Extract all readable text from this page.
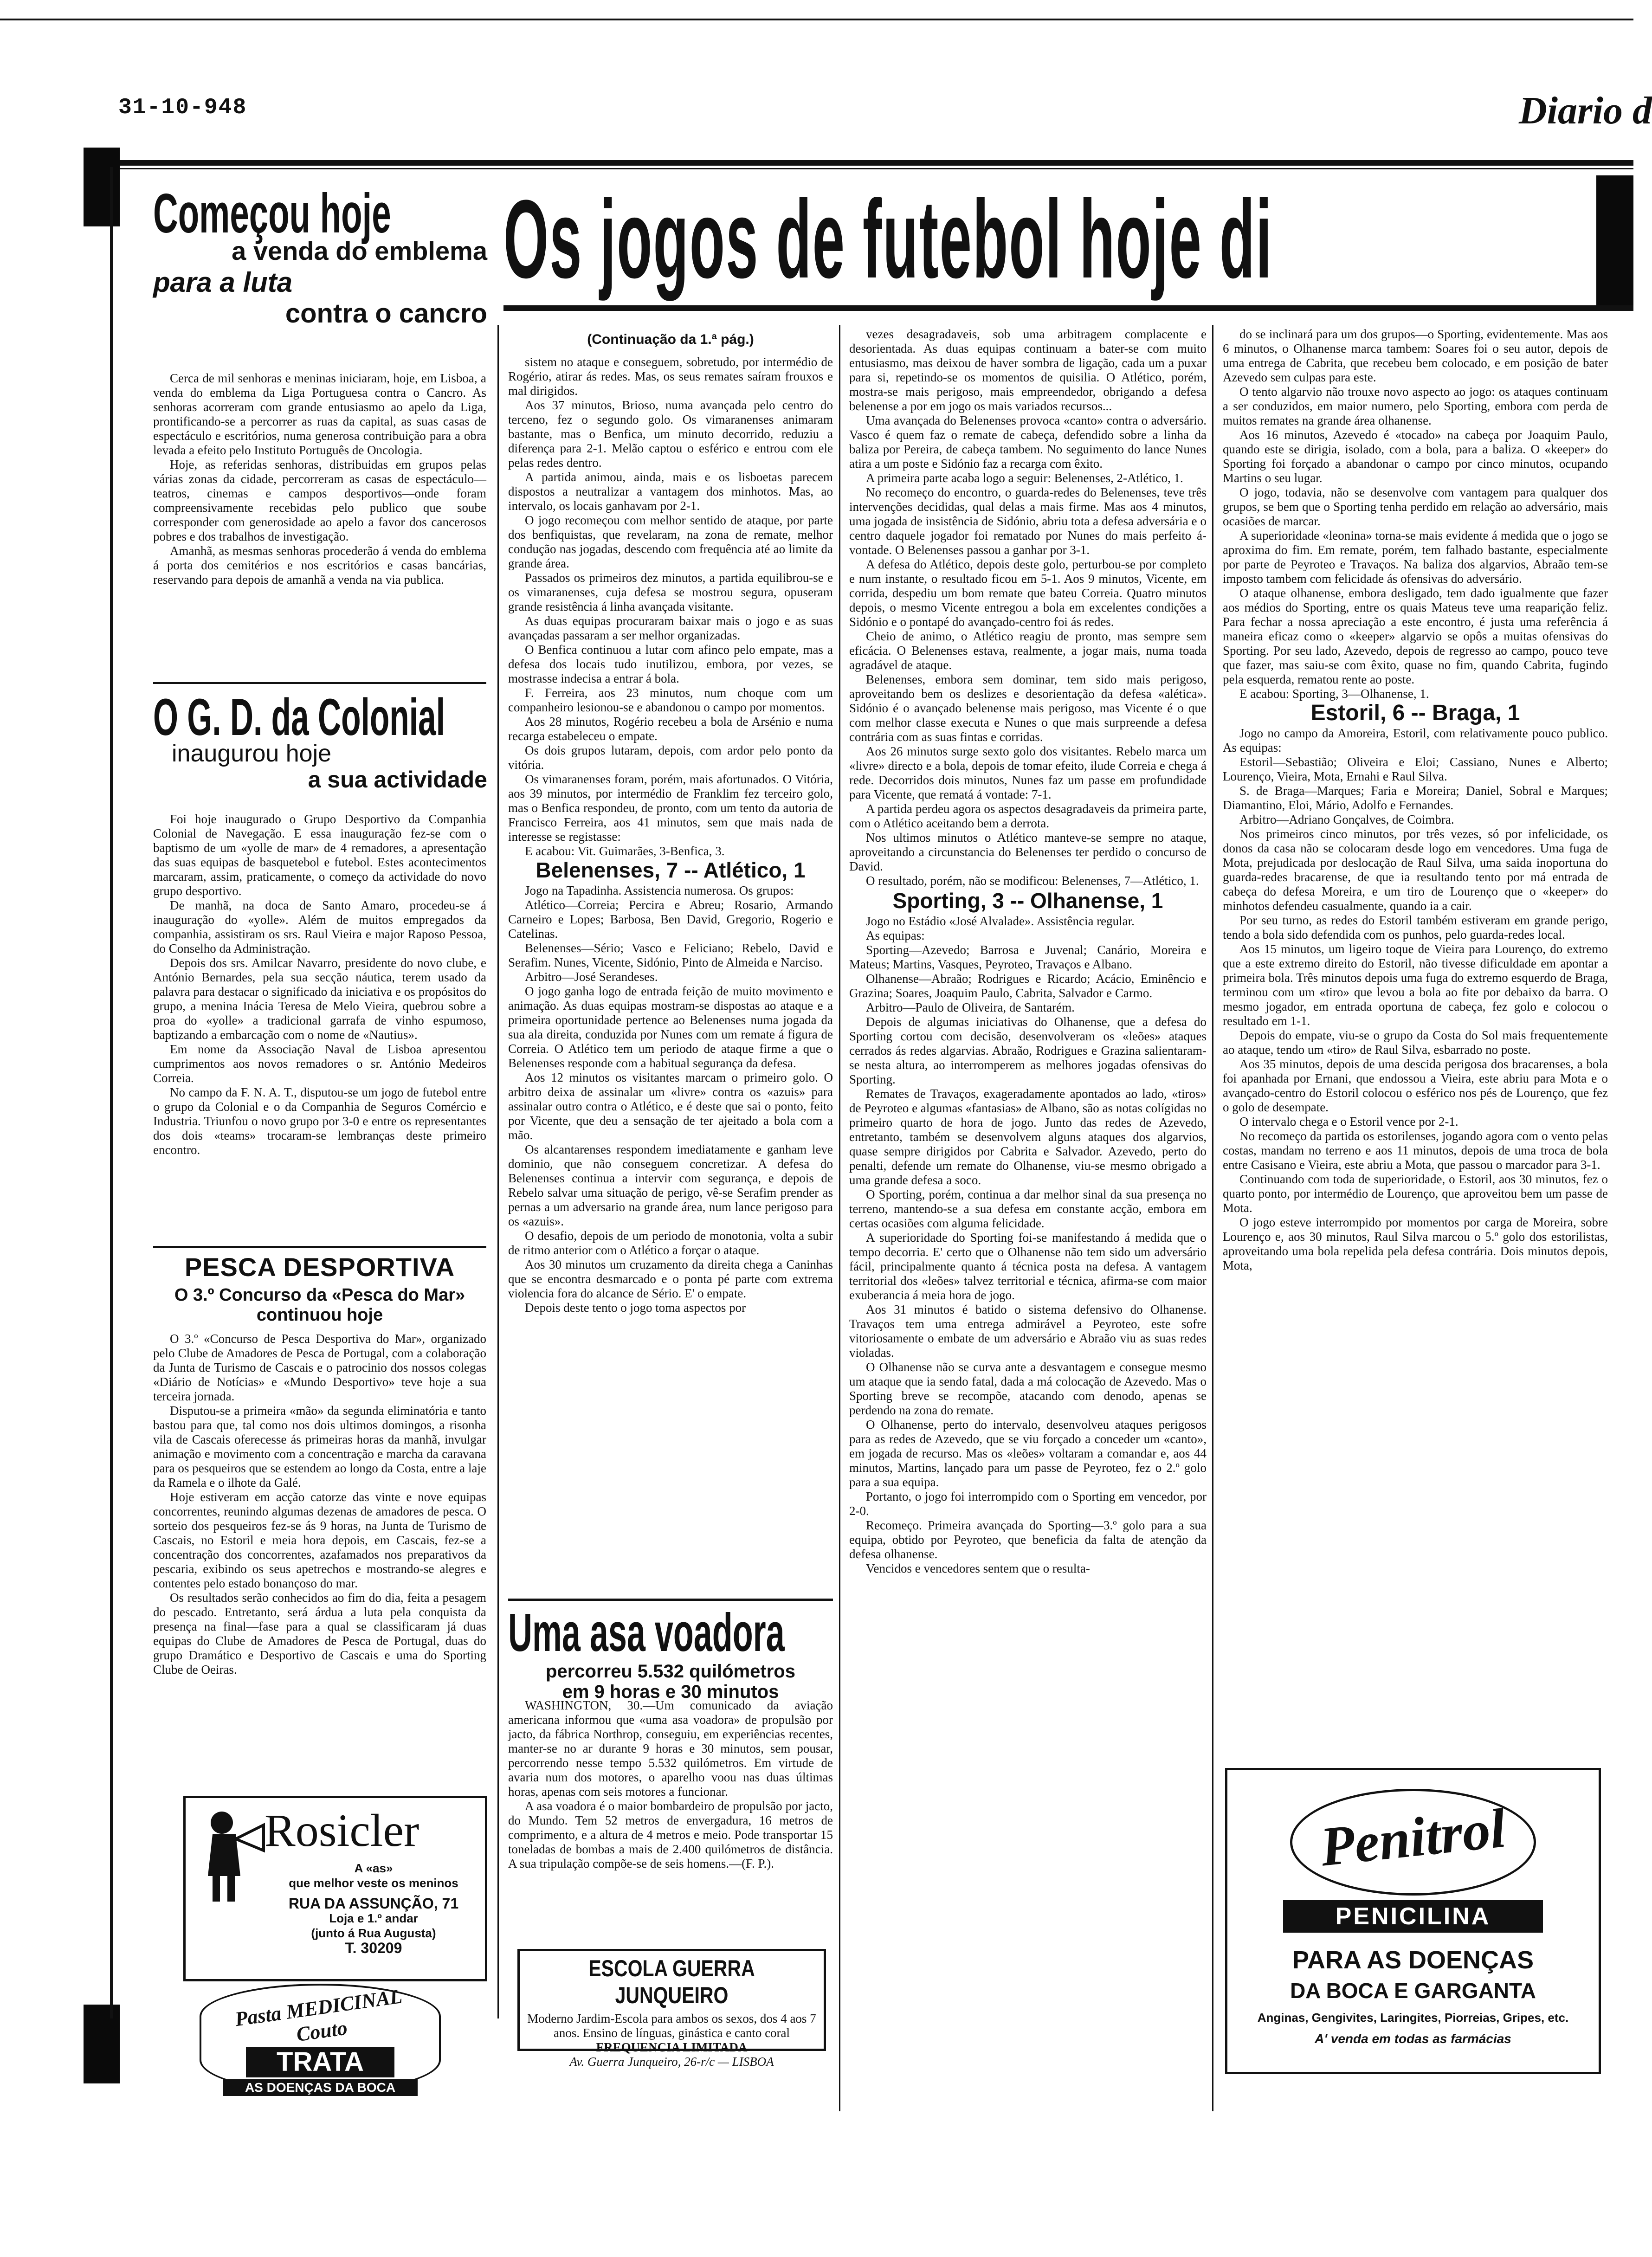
31-10-948	Diario d
Os jogos de futebol hoje di
Começou hoje
a venda do emblema
para a luta
contra o cancro

Cerca de mil senhoras e meninas iniciaram, hoje, em Lisboa, a venda do emblema da Liga Portuguesa contra o Cancro. As senhoras acorreram com grande entusiasmo ao apelo da Liga, prontificando-se a percorrer as ruas da capital, as suas casas de espectáculo e escritórios, numa generosa contribuição para a obra levada a efeito pelo Instituto Português de Oncologia.

Hoje, as referidas senhoras, distribuidas em grupos pelas várias zonas da cidade, percorreram as casas de espectáculo—teatros, cinemas e campos desportivos—onde foram compreensivamente recebidas pelo publico que soube corresponder com generosidade ao apelo a favor dos cancerosos pobres e dos trabalhos de investigação.

Amanhã, as mesmas senhoras procederão á venda do emblema á porta dos cemitérios e nos escritórios e casas bancárias, reservando para depois de amanhã a venda na via publica.

O G. D. da Colonial
inaugurou hoje
a sua actividade

Foi hoje inaugurado o Grupo Desportivo da Companhia Colonial de Navegação. E essa inauguração fez-se com o baptismo de um «yolle de mar» de 4 remadores, a apresentação das suas equipas de basquetebol e futebol. Estes acontecimentos marcaram, assim, praticamente, o começo da actividade do novo grupo desportivo.

De manhã, na doca de Santo Amaro, procedeu-se á inauguração do «yolle». Além de muitos empregados da companhia, assistiram os srs. Raul Vieira e major Raposo Pessoa, do Conselho da Administração.

Depois dos srs. Amilcar Navarro, presidente do novo clube, e António Bernardes, pela sua secção náutica, terem usado da palavra para destacar o significado da iniciativa e os propósitos do grupo, a menina Inácia Teresa de Melo Vieira, quebrou sobre a proa do «yolle» a tradicional garrafa de vinho espumoso, baptizando a embarcação com o nome de «Nautius».

Em nome da Associação Naval de Lisboa apresentou cumprimentos aos novos remadores o sr. António Medeiros Correia.

No campo da F. N. A. T., disputou-se um jogo de futebol entre o grupo da Colonial e o da Companhia de Seguros Comércio e Industria. Triunfou o novo grupo por 3-0 e entre os representantes dos dois «teams» trocaram-se lembranças deste primeiro encontro.

PESCA DESPORTIVA
O 3.º Concurso da «Pesca do Mar»
continuou hoje

O 3.º «Concurso de Pesca Desportiva do Mar», organizado pelo Clube de Amadores de Pesca de Portugal, com a colaboração da Junta de Turismo de Cascais e o patrocinio dos nossos colegas «Diário de Notícias» e «Mundo Desportivo» teve hoje a sua terceira jornada.

Disputou-se a primeira «mão» da segunda eliminatória e tanto bastou para que, tal como nos dois ultimos domingos, a risonha vila de Cascais oferecesse ás primeiras horas da manhã, invulgar animação e movimento com a concentração e marcha da caravana para os pesqueiros que se estendem ao longo da Costa, entre a laje da Ramela e o ilhote da Galé.

Hoje estiveram em acção catorze das vinte e nove equipas concorrentes, reunindo algumas dezenas de amadores de pesca. O sorteio dos pesqueiros fez-se ás 9 horas, na Junta de Turismo de Cascais, no Estoril e meia hora depois, em Cascais, fez-se a concentração dos concorrentes, azafamados nos preparativos da pescaria, exibindo os seus apetrechos e mostrando-se alegres e contentes pelo estado bonançoso do mar.

Os resultados serão conhecidos ao fim do dia, feita a pesagem do pescado. Entretanto, será árdua a luta pela conquista da presença na final—fase para a qual se classificaram já duas equipas do Clube de Amadores de Pesca de Portugal, duas do grupo Dramático e Desportivo de Cascais e uma do Sporting Clube de Oeiras.

Rosicler
A «as»
que melhor veste os meninos
RUA DA ASSUNÇÃO, 71
Loja e 1.º andar
(junto á Rua Augusta)
T. 30209
Pasta MEDICINAL Couto
TRATA
AS DOENÇAS DA BOCA
(Continuação da 1.ª pág.)

sistem no ataque e conseguem, sobretudo, por intermédio de Rogério, atirar ás redes. Mas, os seus remates saíram frouxos e mal dirigidos.

Aos 37 minutos, Brioso, numa avançada pelo centro do terceno, fez o segundo golo. Os vimaranenses animaram bastante, mas o Benfica, um minuto decorrido, reduziu a diferença para 2-1. Melão captou o esférico e entrou com ele pelas redes dentro.

A partida animou, ainda, mais e os lisboetas parecem dispostos a neutralizar a vantagem dos minhotos. Mas, ao intervalo, os locais ganhavam por 2-1.

O jogo recomeçou com melhor sentido de ataque, por parte dos benfiquistas, que revelaram, na zona de remate, melhor condução nas jogadas, descendo com frequência até ao limite da grande área.

Passados os primeiros dez minutos, a partida equilibrou-se e os vimaranenses, cuja defesa se mostrou segura, opuseram grande resistência á linha avançada visitante.

As duas equipas procuraram baixar mais o jogo e as suas avançadas passaram a ser melhor organizadas.

O Benfica continuou a lutar com afinco pelo empate, mas a defesa dos locais tudo inutilizou, embora, por vezes, se mostrasse indecisa a entrar á bola.

F. Ferreira, aos 23 minutos, num choque com um companheiro lesionou-se e abandonou o campo por momentos.

Aos 28 minutos, Rogério recebeu a bola de Arsénio e numa recarga estabeleceu o empate.

Os dois grupos lutaram, depois, com ardor pelo ponto da vitória.

Os vimaranenses foram, porém, mais afortunados. O Vitória, aos 39 minutos, por intermédio de Franklim fez terceiro golo, mas o Benfica respondeu, de pronto, com um tento da autoria de Francisco Ferreira, aos 41 minutos, sem que mais nada de interesse se registasse:

E acabou: Vit. Guimarães, 3-Benfica, 3.

Belenenses, 7 -- Atlético, 1

Jogo na Tapadinha. Assistencia numerosa. Os grupos:

Atlético—Correia; Percira e Abreu; Rosario, Armando Carneiro e Lopes; Barbosa, Ben David, Gregorio, Rogerio e Catelinas.

Belenenses—Sério; Vasco e Feliciano; Rebelo, David e Serafim. Nunes, Vicente, Sidónio, Pinto de Almeida e Narciso.

Arbitro—José Serandeses.

O jogo ganha logo de entrada feição de muito movimento e animação. As duas equipas mostram-se dispostas ao ataque e a primeira oportunidade pertence ao Belenenses numa jogada da sua ala direita, conduzida por Nunes com um remate á figura de Correia. O Atlético tem um periodo de ataque firme a que o Belenenses responde com a habitual segurança da defesa.

Aos 12 minutos os visitantes marcam o primeiro golo. O arbitro deixa de assinalar um «livre» contra os «azuis» para assinalar outro contra o Atlético, e é deste que sai o ponto, feito por Vicente, que deu a sensação de ter ajeitado a bola com a mão.

Os alcantarenses respondem imediatamente e ganham leve dominio, que não conseguem concretizar. A defesa do Belenenses continua a intervir com segurança, e depois de Rebelo salvar uma situação de perigo, vê-se Serafim prender as pernas a um adversario na grande área, num lance perigoso para os «azuis».

O desafio, depois de um periodo de monotonia, volta a subir de ritmo anterior com o Atlético a forçar o ataque.

Aos 30 minutos um cruzamento da direita chega a Caninhas que se encontra desmarcado e o ponta pé parte com extrema violencia fora do alcance de Sério. E' o empate.

Depois deste tento o jogo toma aspectos por

Uma asa voadora
percorreu 5.532 quilómetros
em 9 horas e 30 minutos

WASHINGTON, 30.—Um comunicado da aviação americana informou que «uma asa voadora» de propulsão por jacto, da fábrica Northrop, conseguiu, em experiências recentes, manter-se no ar durante 9 horas e 30 minutos, sem pousar, percorrendo nesse tempo 5.532 quilómetros. Em virtude de avaria num dos motores, o aparelho voou nas duas últimas horas, apenas com seis motores a funcionar.

A asa voadora é o maior bombardeiro de propulsão por jacto, do Mundo. Tem 52 metros de envergadura, 16 metros de comprimento, e a altura de 4 metros e meio. Pode transportar 15 toneladas de bombas a mais de 2.400 quilómetros de distância. A sua tripulação compõe-se de seis homens.—(F. P.).

ESCOLA GUERRA JUNQUEIRO
Moderno Jardim-Escola para ambos os sexos, dos 4 aos 7 anos. Ensino de línguas, ginástica e canto coral
FREQUENCIA LIMITADA
Av. Guerra Junqueiro, 26-r/c — LISBOA

vezes desagradaveis, sob uma arbitragem complacente e desorientada. As duas equipas continuam a bater-se com muito entusiasmo, mas deixou de haver sombra de ligação, cada um a puxar para si, repetindo-se os momentos de quisilia. O Atlético, porém, mostra-se mais perigoso, mais empreendedor, obrigando a defesa belenense a por em jogo os mais variados recursos...

Uma avançada do Belenenses provoca «canto» contra o adversário. Vasco é quem faz o remate de cabeça, defendido sobre a linha da baliza por Pereira, de cabeça tambem. No seguimento do lance Nunes atira a um poste e Sidónio faz a recarga com êxito.

A primeira parte acaba logo a seguir: Belenenses, 2-Atlético, 1.

No recomeço do encontro, o guarda-redes do Belenenses, teve três intervenções decididas, qual delas a mais firme. Mas aos 4 minutos, uma jogada de insistência de Sidónio, abriu tota a defesa adversária e o centro daquele jogador foi rematado por Nunes do mais perfeito á-vontade. O Belenenses passou a ganhar por 3-1.

A defesa do Atlético, depois deste golo, perturbou-se por completo e num instante, o resultado ficou em 5-1. Aos 9 minutos, Vicente, em corrida, despediu um bom remate que bateu Correia. Quatro minutos depois, o mesmo Vicente entregou a bola em excelentes condições a Sidónio e o pontapé do avançado-centro foi ás redes.

Cheio de animo, o Atlético reagiu de pronto, mas sempre sem eficácia. O Belenenses estava, realmente, a jogar mais, numa toada agradável de ataque.

Belenenses, embora sem dominar, tem sido mais perigoso, aproveitando bem os deslizes e desorientação da defesa «alética». Sidónio é o avançado belenense mais perigoso, mas Vicente é o que com melhor classe executa e Nunes o que mais surpreende a defesa contrária com as suas fintas e corridas.

Aos 26 minutos surge sexto golo dos visitantes. Rebelo marca um «livre» directo e a bola, depois de tomar efeito, ilude Correia e chega á rede. Decorridos dois minutos, Nunes faz um passe em profundidade para Vicente, que rematá á vontade: 7-1.

A partida perdeu agora os aspectos desagradaveis da primeira parte, com o Atlético aceitando bem a derrota.

Nos ultimos minutos o Atlético manteve-se sempre no ataque, aproveitando a circunstancia do Belenenses ter perdido o concurso de David.

O resultado, porém, não se modificou: Belenenses, 7—Atlético, 1.

Sporting, 3 -- Olhanense, 1

Jogo no Estádio «José Alvalade». Assistência regular.

As equipas:

Sporting—Azevedo; Barrosa e Juvenal; Canário, Moreira e Mateus; Martins, Vasques, Peyroteo, Travaços e Albano.

Olhanense—Abraão; Rodrigues e Ricardo; Acácio, Eminêncio e Grazina; Soares, Joaquim Paulo, Cabrita, Salvador e Carmo.

Arbitro—Paulo de Oliveira, de Santarém.

Depois de algumas iniciativas do Olhanense, que a defesa do Sporting cortou com decisão, desenvolveram os «leões» ataques cerrados ás redes algarvias. Abraão, Rodrigues e Grazina salientaram-se nesta altura, ao interromperem as melhores jogadas ofensivas do Sporting.

Remates de Travaços, exageradamente apontados ao lado, «tiros» de Peyroteo e algumas «fantasias» de Albano, são as notas colígidas no primeiro quarto de hora de jogo. Junto das redes de Azevedo, entretanto, também se desenvolvem alguns ataques dos algarvios, quase sempre dirigidos por Cabrita e Salvador. Azevedo, perto do penalti, defende um remate do Olhanense, viu-se mesmo obrigado a uma grande defesa a soco.

O Sporting, porém, continua a dar melhor sinal da sua presença no terreno, mantendo-se a sua defesa em constante acção, embora em certas ocasiões com alguma felicidade.

A superioridade do Sporting foi-se manifestando á medida que o tempo decorria. E' certo que o Olhanense não tem sido um adversário fácil, principalmente quanto á técnica posta na defesa. A vantagem territorial dos «leões» talvez territorial e técnica, afirma-se com maior exuberancia á meia hora de jogo.

Aos 31 minutos é batido o sistema defensivo do Olhanense. Travaços tem uma entrega admirável a Peyroteo, este sofre vitoriosamente o embate de um adversário e Abraão viu as suas redes violadas.

O Olhanense não se curva ante a desvantagem e consegue mesmo um ataque que ia sendo fatal, dada a má colocação de Azevedo. Mas o Sporting breve se recompõe, atacando com denodo, apenas se perdendo na zona do remate.

O Olhanense, perto do intervalo, desenvolveu ataques perigosos para as redes de Azevedo, que se viu forçado a conceder um «canto», em jogada de recurso. Mas os «leões» voltaram a comandar e, aos 44 minutos, Martins, lançado para um passe de Peyroteo, fez o 2.º golo para a sua equipa.

Portanto, o jogo foi interrompido com o Sporting em vencedor, por 2-0.

Recomeço. Primeira avançada do Sporting—3.º golo para a sua equipa, obtido por Peyroteo, que beneficia da falta de atenção da defesa olhanense.

Vencidos e vencedores sentem que o resulta-

do se inclinará para um dos grupos—o Sporting, evidentemente. Mas aos 6 minutos, o Olhanense marca tambem: Soares foi o seu autor, depois de uma entrega de Cabrita, que recebeu bem colocado, e em posição de bater Azevedo sem culpas para este.

O tento algarvio não trouxe novo aspecto ao jogo: os ataques continuam a ser conduzidos, em maior numero, pelo Sporting, embora com perda de muitos remates na grande área olhanense.

Aos 16 minutos, Azevedo é «tocado» na cabeça por Joaquim Paulo, quando este se dirigia, isolado, com a bola, para a baliza. O «keeper» do Sporting foi forçado a abandonar o campo por cinco minutos, ocupando Martins o seu lugar.

O jogo, todavia, não se desenvolve com vantagem para qualquer dos grupos, se bem que o Sporting tenha perdido em relação ao adversário, mais ocasiões de marcar.

A superioridade «leonina» torna-se mais evidente á medida que o jogo se aproxima do fim. Em remate, porém, tem falhado bastante, especialmente por parte de Peyroteo e Travaços. Na baliza dos algarvios, Abraão tem-se imposto tambem com felicidade ás ofensivas do adversário.

O ataque olhanense, embora desligado, tem dado igualmente que fazer aos médios do Sporting, entre os quais Mateus teve uma reaparição feliz. Para fechar a nossa apreciação a este encontro, é justa uma referência á maneira eficaz como o «keeper» algarvio se opôs a muitas ofensivas do Sporting. Por seu lado, Azevedo, depois de regresso ao campo, pouco teve que fazer, mas saiu-se com êxito, quase no fim, quando Cabrita, fugindo pela esquerda, rematou rente ao poste.

E acabou: Sporting, 3—Olhanense, 1.

Estoril, 6 -- Braga, 1

Jogo no campo da Amoreira, Estoril, com relativamente pouco publico. As equipas:

Estoril—Sebastião; Oliveira e Eloi; Cassiano, Nunes e Alberto; Lourenço, Vieira, Mota, Ernahi e Raul Silva.

S. de Braga—Marques; Faria e Moreira; Daniel, Sobral e Marques; Diamantino, Eloi, Mário, Adolfo e Fernandes.

Arbitro—Adriano Gonçalves, de Coimbra.

Nos primeiros cinco minutos, por três vezes, só por infelicidade, os donos da casa não se colocaram desde logo em vencedores. Uma fuga de Mota, prejudicada por deslocação de Raul Silva, uma saida inoportuna do guarda-redes bracarense, de que ia resultando tento por má entrada de cabeça do defesa Moreira, e um tiro de Lourenço que o «keeper» do minhotos defendeu casualmente, quando ia a cair.

Por seu turno, as redes do Estoril também estiveram em grande perigo, tendo a bola sido defendida com os punhos, pelo guarda-redes local.

Aos 15 minutos, um ligeiro toque de Vieira para Lourenço, do extremo que a este extremo direito do Estoril, não tivesse dificuldade em apontar a primeira bola. Três minutos depois uma fuga do extremo esquerdo de Braga, terminou com um «tiro» que levou a bola ao fite por debaixo da barra. O mesmo jogador, em entrada oportuna de cabeça, fez golo e colocou o resultado em 1-1.

Depois do empate, viu-se o grupo da Costa do Sol mais frequentemente ao ataque, tendo um «tiro» de Raul Silva, esbarrado no poste.

Aos 35 minutos, depois de uma descida perigosa dos bracarenses, a bola foi apanhada por Ernani, que endossou a Vieira, este abriu para Mota e o avançado-centro do Estoril colocou o esférico nos pés de Lourenço, que fez o golo de desempate.

O intervalo chega e o Estoril vence por 2-1.

No recomeço da partida os estorilenses, jogando agora com o vento pelas costas, mandam no terreno e aos 11 minutos, depois de uma troca de bola entre Casisano e Vieira, este abriu a Mota, que passou o marcador para 3-1.

Continuando com toda de superioridade, o Estoril, aos 30 minutos, fez o quarto ponto, por intermédio de Lourenço, que aproveitou bem um passe de Mota.

O jogo esteve interrompido por momentos por carga de Moreira, sobre Lourenço e, aos 30 minutos, Raul Silva marcou o 5.º golo dos estorilistas, aproveitando uma bola repelida pela defesa contrária. Dois minutos depois, Mota,

Penitrol
PENICILINA
PARA AS DOENÇAS
DA BOCA E GARGANTA
Anginas, Gengivites, Laringites, Piorreias, Gripes, etc.
A' venda em todas as farmácias
